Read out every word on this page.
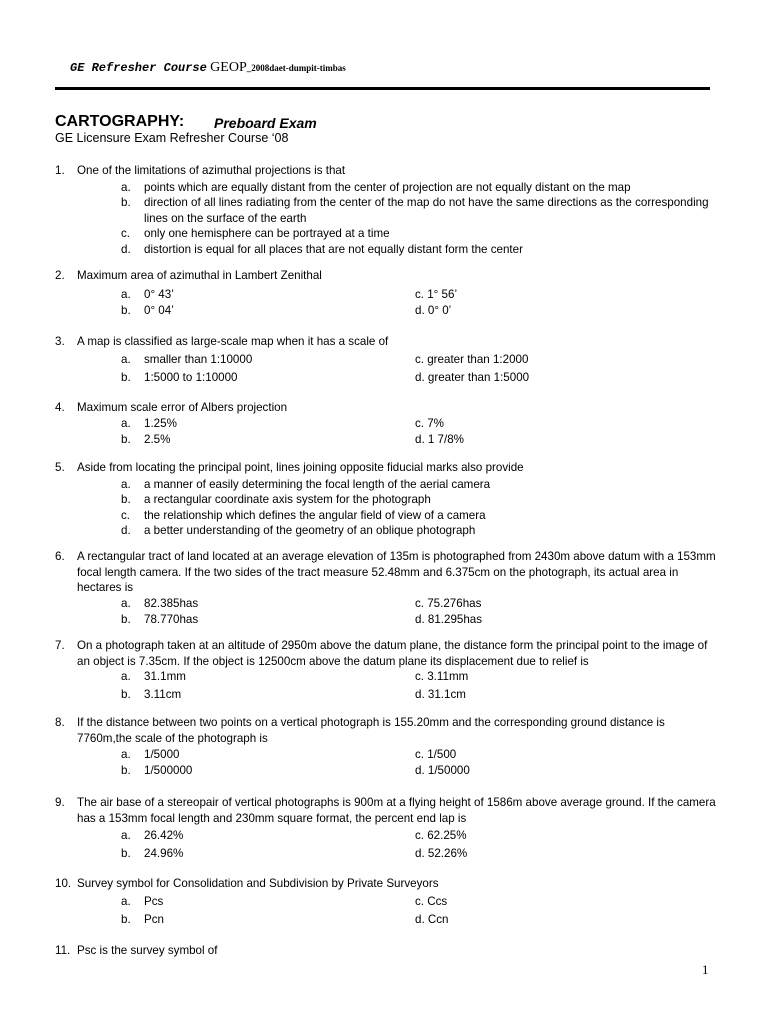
GE Refresher Course GEOP_2008daet-dumpit-timbas
CARTOGRAPHY: Preboard Exam
GE Licensure Exam Refresher Course ‘08
1. One of the limitations of azimuthal projections is that
a. points which are equally distant from the center of projection are not equally distant on the map
b. direction of all lines radiating from the center of the map do not have the same directions as the corresponding lines on the surface of the earth
c. only one hemisphere can be portrayed at a time
d. distortion is equal for all places that are not equally distant form the center
2. Maximum area of azimuthal in Lambert Zenithal
a. 0° 43’	c. 1° 56’
b. 0° 04’	d. 0° 0’
3. A map is classified as large-scale map when it has a scale of
a. smaller than 1:10000	c. greater than 1:2000
b. 1:5000 to 1:10000	d. greater than 1:5000
4. Maximum scale error of Albers projection
a. 1.25%	c. 7%
b. 2.5%	d. 1 7/8%
5. Aside from locating the principal point, lines joining opposite fiducial marks also provide
a. a manner of easily determining the focal length of the aerial camera
b. a rectangular coordinate axis system for the photograph
c. the relationship which defines the angular field of view of a camera
d. a better understanding of the geometry of an oblique photograph
6. A rectangular tract of land located at an average elevation of 135m is photographed from 2430m above datum with a 153mm focal length camera. If the two sides of the tract measure 52.48mm and 6.375cm on the photograph, its actual area in hectares is
a. 82.385has	c. 75.276has
b. 78.770has	d. 81.295has
7. On a photograph taken at an altitude of 2950m above the datum plane, the distance form the principal point to the image of an object is 7.35cm. If the object is 12500cm above the datum plane its displacement due to relief is
a. 31.1mm	c. 3.11mm
b. 3.11cm	d. 31.1cm
8. If the distance between two points on a vertical photograph is 155.20mm and the corresponding ground distance is 7760m,the scale of the photograph is
a. 1/5000	c. 1/500
b. 1/500000	d. 1/50000
9. The air base of a stereopair of vertical photographs is 900m at a flying height of 1586m above average ground. If the camera has a 153mm focal length and 230mm square format, the percent end lap is
a. 26.42%	c. 62.25%
b. 24.96%	d. 52.26%
10. Survey symbol for Consolidation and Subdivision by Private Surveyors
a. Pcs	c. Ccs
b. Pcn	d. Ccn
11. Psc is the survey symbol of
1
